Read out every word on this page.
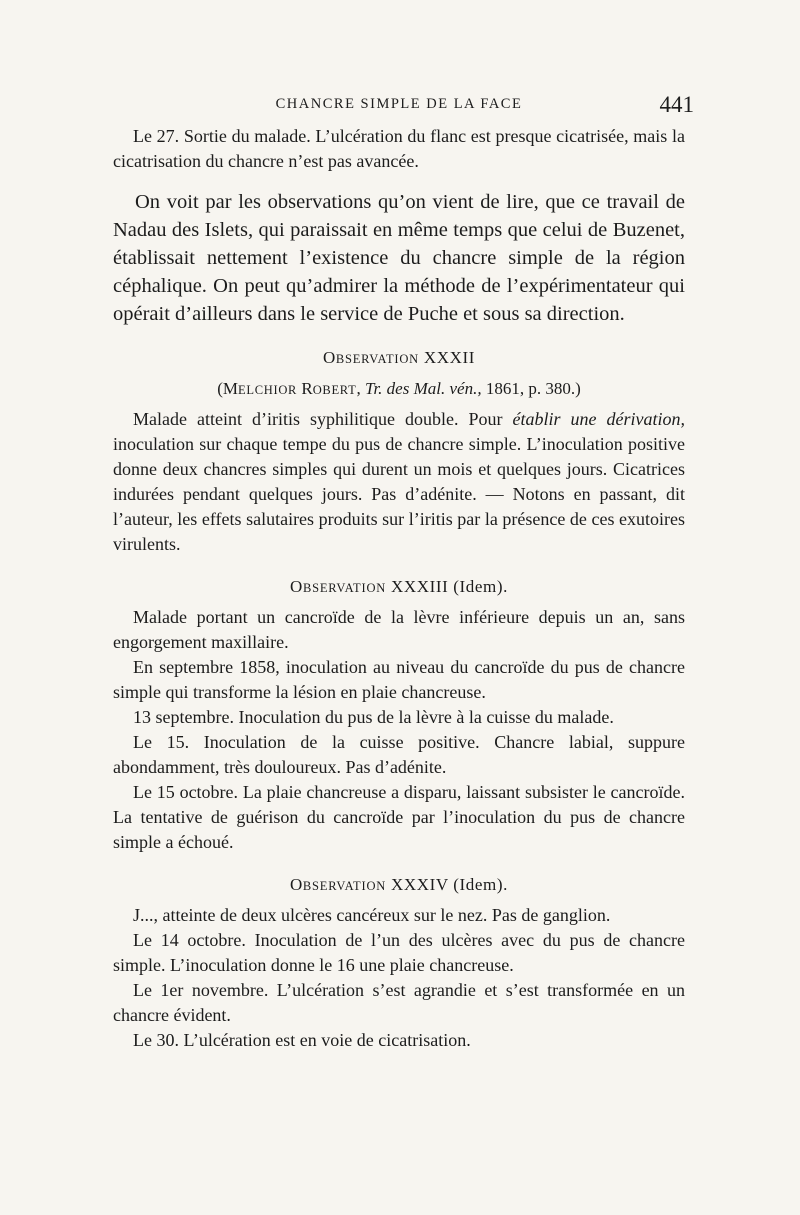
CHANCRE SIMPLE DE LA FACE	441

Le 27. Sortie du malade. L’ulcération du flanc est presque cicatrisée, mais la cicatrisation du chancre n’est pas avancée.

On voit par les observations qu’on vient de lire, que ce travail de Nadau des Islets, qui paraissait en même temps que celui de Buzenet, établissait nettement l’existence du chancre simple de la région céphalique. On peut qu’admirer la méthode de l’expérimentateur qui opérait d’ailleurs dans le service de Puche et sous sa direction.

OBSERVATION XXXII

(MELCHIOR ROBERT, Tr. des Mal. vén., 1861, p. 380.)

Malade atteint d’iritis syphilitique double. Pour établir une dérivation, inoculation sur chaque tempe du pus de chancre simple. L’inoculation positive donne deux chancres simples qui durent un mois et quelques jours. Cicatrices indurées pendant quelques jours. Pas d’adénite. — Notons en passant, dit l’auteur, les effets salutaires produits sur l’iritis par la présence de ces exutoires virulents.

OBSERVATION XXXIII (Idem).

Malade portant un cancroïde de la lèvre inférieure depuis un an, sans engorgement maxillaire.

En septembre 1858, inoculation au niveau du cancroïde du pus de chancre simple qui transforme la lésion en plaie chancreuse.

13 septembre. Inoculation du pus de la lèvre à la cuisse du malade.

Le 15. Inoculation de la cuisse positive. Chancre labial, suppure abondamment, très douloureux. Pas d’adénite.

Le 15 octobre. La plaie chancreuse a disparu, laissant subsister le cancroïde. La tentative de guérison du cancroïde par l’inoculation du pus de chancre simple a échoué.

OBSERVATION XXXIV (Idem).

J..., atteinte de deux ulcères cancéreux sur le nez. Pas de ganglion.

Le 14 octobre. Inoculation de l’un des ulcères avec du pus de chancre simple. L’inoculation donne le 16 une plaie chancreuse.

Le 1er novembre. L’ulcération s’est agrandie et s’est transformée en un chancre évident.

Le 30. L’ulcération est en voie de cicatrisation.
